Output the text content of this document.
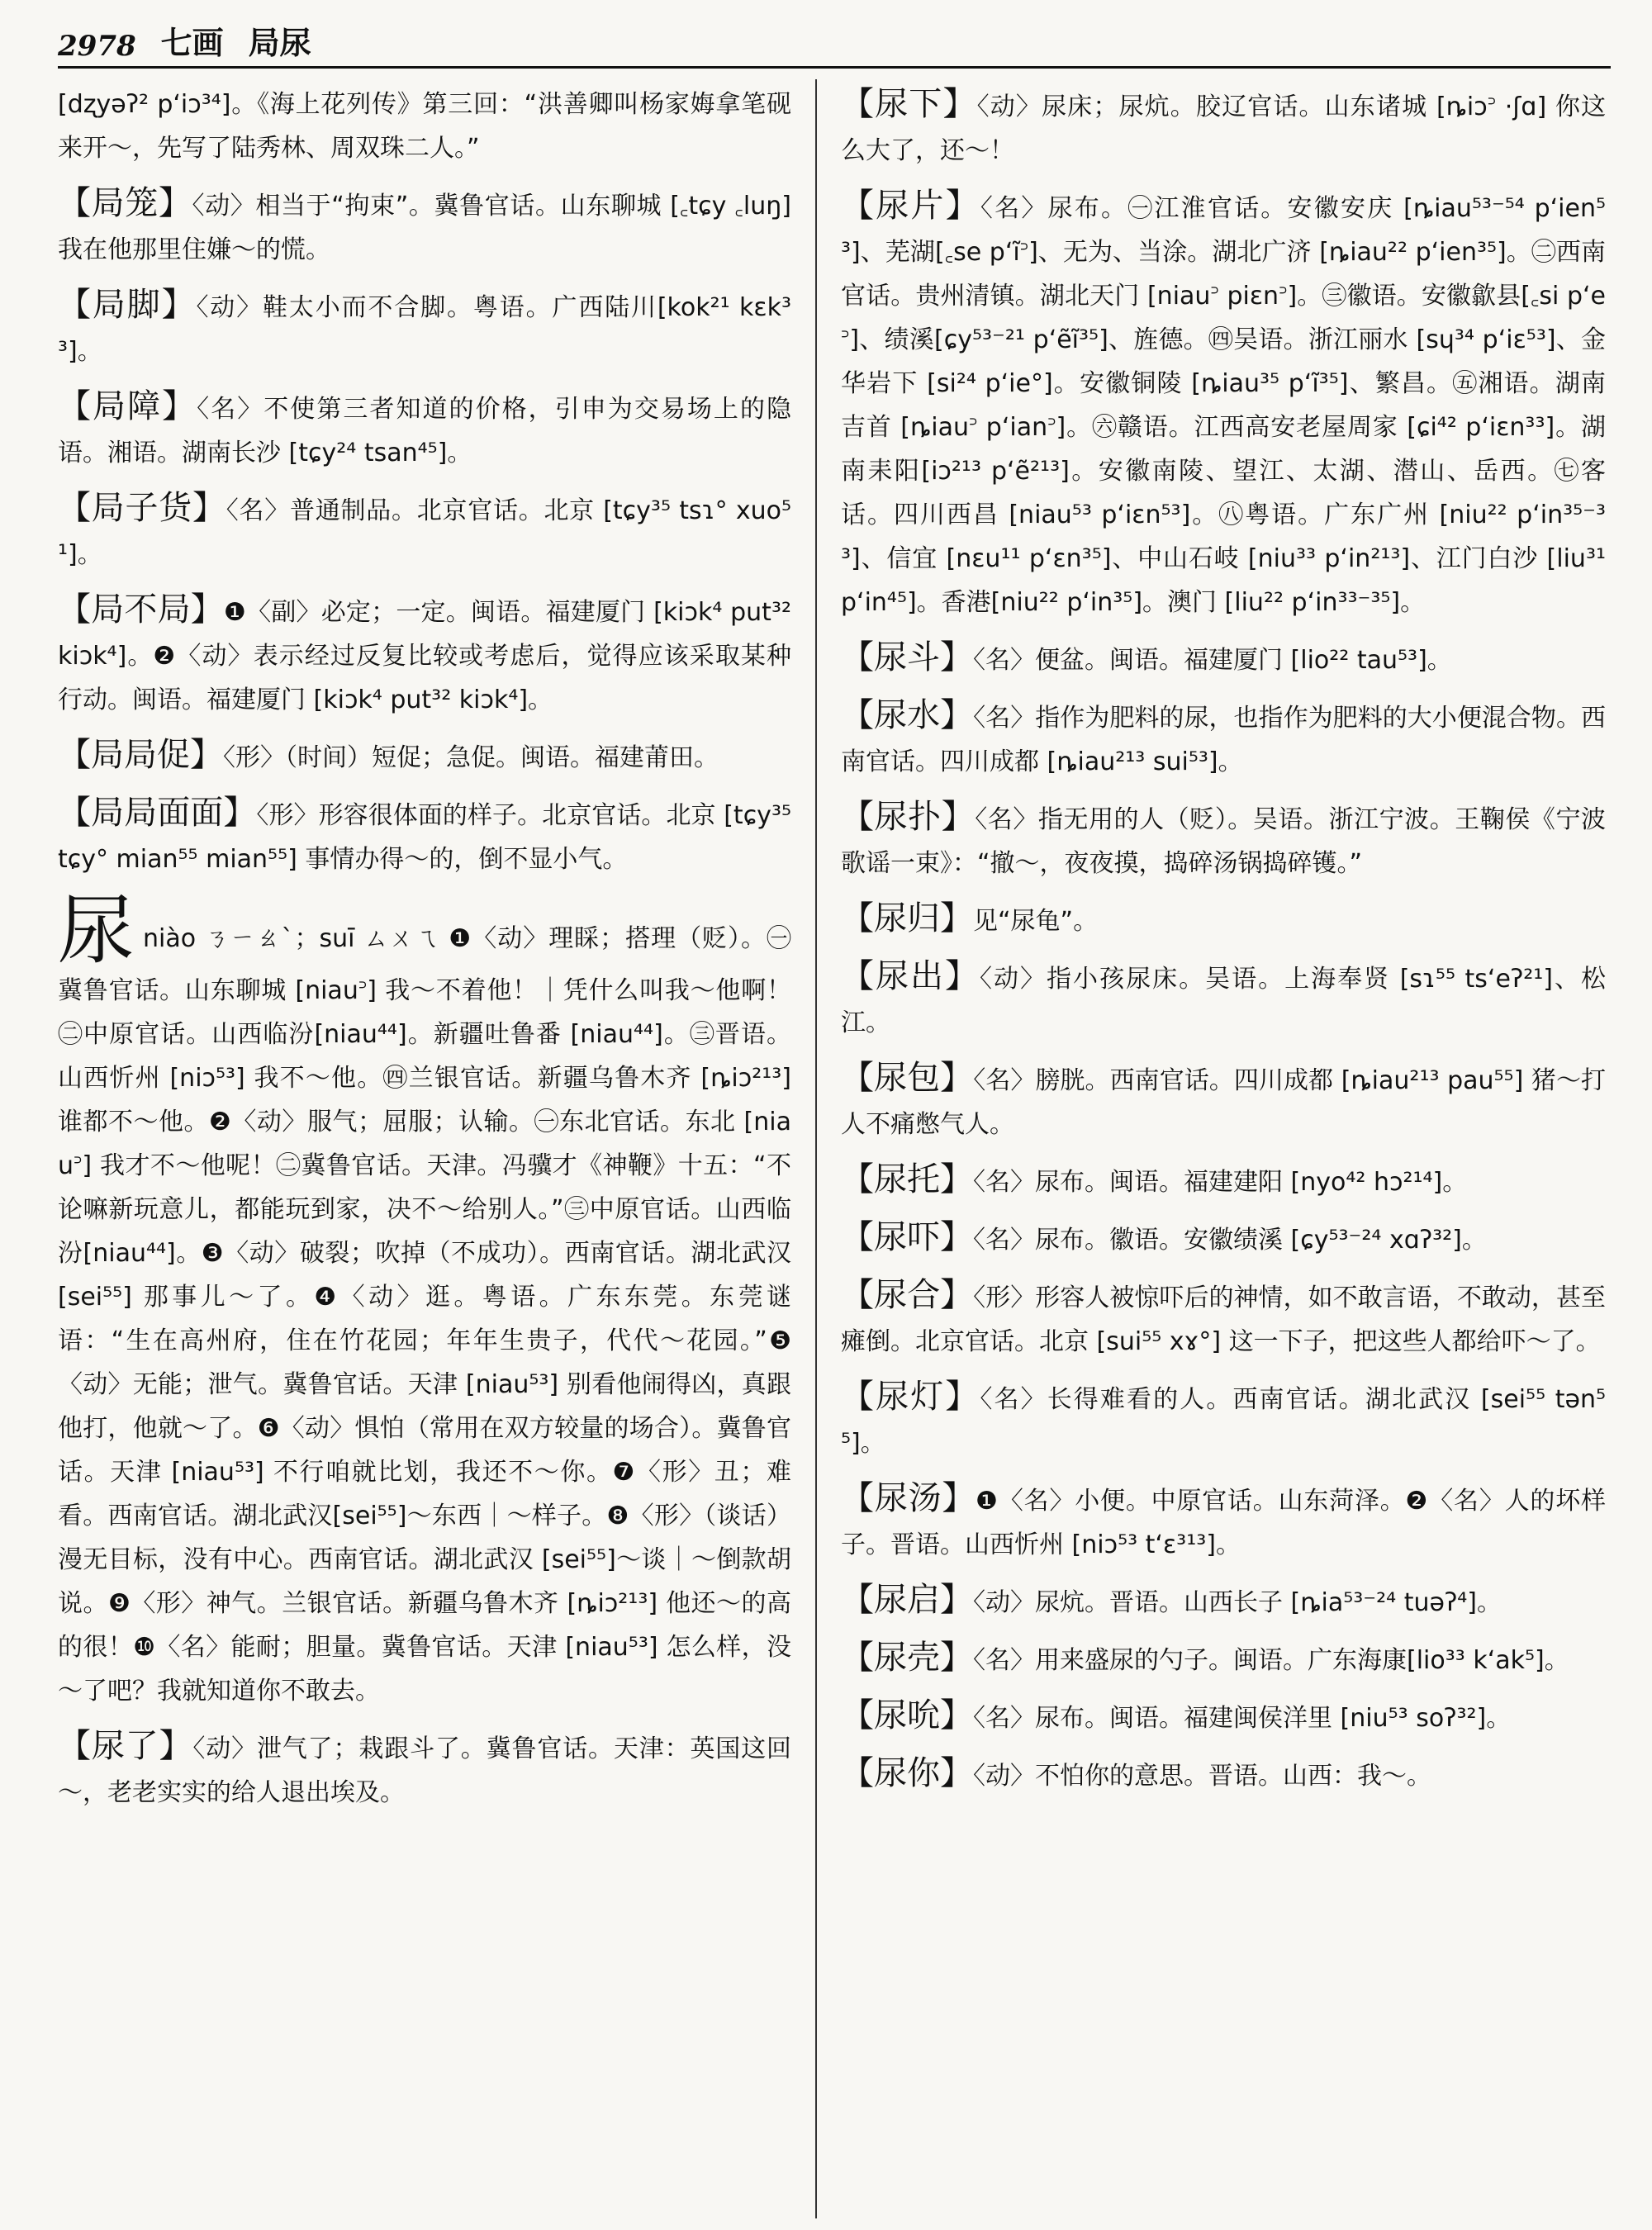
2978 七画 局尿

[dʐyəʔ² p‘iɔ³⁴]。《海上花列传》第三回：“洪善卿叫杨家娒拿笔砚来开～，先写了陆秀林、周双珠二人。”

【局笼】〈动〉相当于“拘束”。冀鲁官话。山东聊城 [꜀tɕy ꜀luŋ] 我在他那里住嫌～的慌。

【局脚】〈动〉鞋太小而不合脚。粤语。广西陆川[kok²¹ kɛk³³]。

【局障】〈名〉不使第三者知道的价格，引申为交易场上的隐语。湘语。湖南长沙 [tɕy²⁴ tsan⁴⁵]。

【局子货】〈名〉普通制品。北京官话。北京 [tɕy³⁵ tsɿ° xuo⁵¹]。

【局不局】❶〈副〉必定；一定。闽语。福建厦门 [kiɔk⁴ put³² kiɔk⁴]。❷〈动〉表示经过反复比较或考虑后，觉得应该采取某种行动。闽语。福建厦门 [kiɔk⁴ put³² kiɔk⁴]。

【局局促】〈形〉（时间）短促；急促。闽语。福建莆田。

【局局面面】〈形〉形容很体面的样子。北京官话。北京 [tɕy³⁵ tɕy° mian⁵⁵ mian⁵⁵] 事情办得～的，倒不显小气。

尿niào ㄋㄧㄠˋ；suī ㄙㄨㄟ ❶〈动〉理睬；搭理（贬）。㊀冀鲁官话。山东聊城 [niau꜄] 我～不着他！｜凭什么叫我～他啊！㊁中原官话。山西临汾[niau⁴⁴]。新疆吐鲁番 [niau⁴⁴]。㊂晋语。山西忻州 [niɔ⁵³] 我不～他。㊃兰银官话。新疆乌鲁木齐 [ȵiɔ²¹³] 谁都不～他。❷〈动〉服气；屈服；认输。㊀东北官话。东北 [niau꜄] 我才不～他呢！㊁冀鲁官话。天津。冯骥才《神鞭》十五：“不论嘛新玩意儿，都能玩到家，决不～给别人。”㊂中原官话。山西临汾[niau⁴⁴]。❸〈动〉破裂；吹掉（不成功）。西南官话。湖北武汉 [sei⁵⁵] 那事儿～了。❹〈动〉逛。粤语。广东东莞。东莞谜语：“生在高州府，住在竹花园；年年生贵子，代代～花园。”❺〈动〉无能；泄气。冀鲁官话。天津 [niau⁵³] 别看他闹得凶，真跟他打，他就～了。❻〈动〉惧怕（常用在双方较量的场合）。冀鲁官话。天津 [niau⁵³] 不行咱就比划，我还不～你。❼〈形〉丑；难看。西南官话。湖北武汉[sei⁵⁵]～东西｜～样子。❽〈形〉（谈话）漫无目标，没有中心。西南官话。湖北武汉 [sei⁵⁵]～谈｜～倒款胡说。❾〈形〉神气。兰银官话。新疆乌鲁木齐 [ȵiɔ²¹³] 他还～的高的很！❿〈名〉能耐；胆量。冀鲁官话。天津 [niau⁵³] 怎么样，没～了吧？我就知道你不敢去。

【尿了】〈动〉泄气了；栽跟斗了。冀鲁官话。天津：英国这回～，老老实实的给人退出埃及。

【尿下】〈动〉尿床；尿炕。胶辽官话。山东诸城 [ȵiɔ꜄ ·ʃɑ] 你这么大了，还～！

【尿片】〈名〉尿布。㊀江淮官话。安徽安庆 [ȵiau⁵³⁻⁵⁴ p‘ien⁵³]、芜湖[꜀se p‘ĩ꜄]、无为、当涂。湖北广济 [ȵiau²² p‘ien³⁵]。㊁西南官话。贵州清镇。湖北天门 [niau꜄ piɛn꜄]。㊂徽语。安徽歙县[꜀si p‘e꜄]、绩溪[ɕy⁵³⁻²¹ p‘ẽĩ³⁵]、旌德。㊃吴语。浙江丽水 [sɥ³⁴ p‘iɛ⁵³]、金华岩下 [si²⁴ p‘ie°]。安徽铜陵 [ȵiau³⁵ p‘ĩ³⁵]、繁昌。㊄湘语。湖南吉首 [ȵiau꜄ p‘ian꜄]。㊅赣语。江西高安老屋周家 [ɕi⁴² p‘iɛn³³]。湖南耒阳[iɔ²¹³ p‘ẽ²¹³]。安徽南陵、望江、太湖、潜山、岳西。㊆客话。四川西昌 [niau⁵³ p‘iɛn⁵³]。㊇粤语。广东广州 [niu²² p‘in³⁵⁻³³]、信宜 [nɛu¹¹ p‘ɛn³⁵]、中山石岐 [niu³³ p‘in²¹³]、江门白沙 [liu³¹ p‘in⁴⁵]。香港[niu²² p‘in³⁵]。澳门 [liu²² p‘in³³⁻³⁵]。

【尿斗】〈名〉便盆。闽语。福建厦门 [lio²² tau⁵³]。

【尿水】〈名〉指作为肥料的尿，也指作为肥料的大小便混合物。西南官话。四川成都 [ȵiau²¹³ sui⁵³]。

【尿扑】〈名〉指无用的人（贬）。吴语。浙江宁波。王鞠侯《宁波歌谣一束》：“撤～，夜夜摸，捣碎汤锅捣碎镬。”

【尿归】见“尿龟”。

【尿出】〈动〉指小孩尿床。吴语。上海奉贤 [sɿ⁵⁵ ts‘eʔ²¹]、松江。

【尿包】〈名〉膀胱。西南官话。四川成都 [ȵiau²¹³ pau⁵⁵] 猪～打人不痛憋气人。

【尿托】〈名〉尿布。闽语。福建建阳 [nyo⁴² hɔ²¹⁴]。

【尿吓】〈名〉尿布。徽语。安徽绩溪 [ɕy⁵³⁻²⁴ xɑʔ³²]。

【尿合】〈形〉形容人被惊吓后的神情，如不敢言语，不敢动，甚至瘫倒。北京官话。北京 [sui⁵⁵ xɤ°] 这一下子，把这些人都给吓～了。

【尿灯】〈名〉长得难看的人。西南官话。湖北武汉 [sei⁵⁵ tən⁵⁵]。

【尿汤】❶〈名〉小便。中原官话。山东菏泽。❷〈名〉人的坏样子。晋语。山西忻州 [niɔ⁵³ t‘ɛ³¹³]。

【尿启】〈动〉尿炕。晋语。山西长子 [ȵia⁵³⁻²⁴ tuəʔ⁴]。

【尿壳】〈名〉用来盛尿的勺子。闽语。广东海康[lio³³ k‘ak⁵]。

【尿吮】〈名〉尿布。闽语。福建闽侯洋里 [niu⁵³ soʔ³²]。

【尿你】〈动〉不怕你的意思。晋语。山西：我～。
